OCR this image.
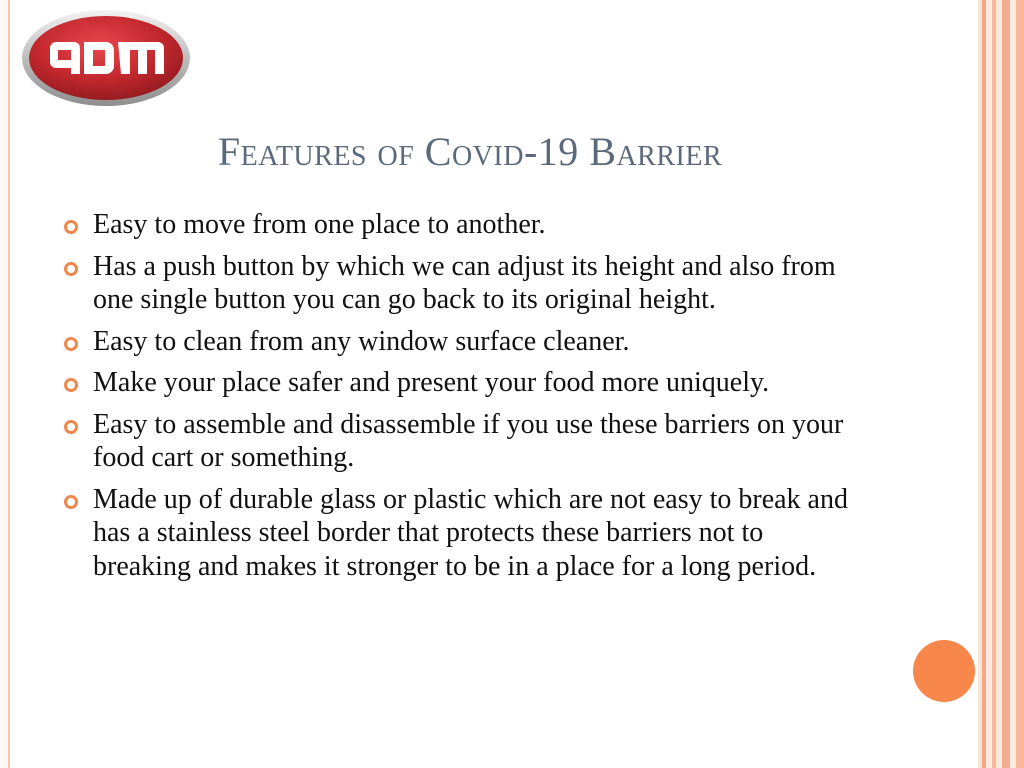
Features of Covid-19 Barrier
Easy to move from one place to another.
Has a push button by which we can adjust its height and also from one single button you can go back to its original height.
Easy to clean from any window surface cleaner.
Make your place safer and present your food more uniquely.
Easy to assemble and disassemble if you use these barriers on your food cart or something.
Made up of durable glass or plastic which are not easy to break and has a stainless steel border that protects these barriers not to breaking and makes it stronger to be in a place for a long period.
